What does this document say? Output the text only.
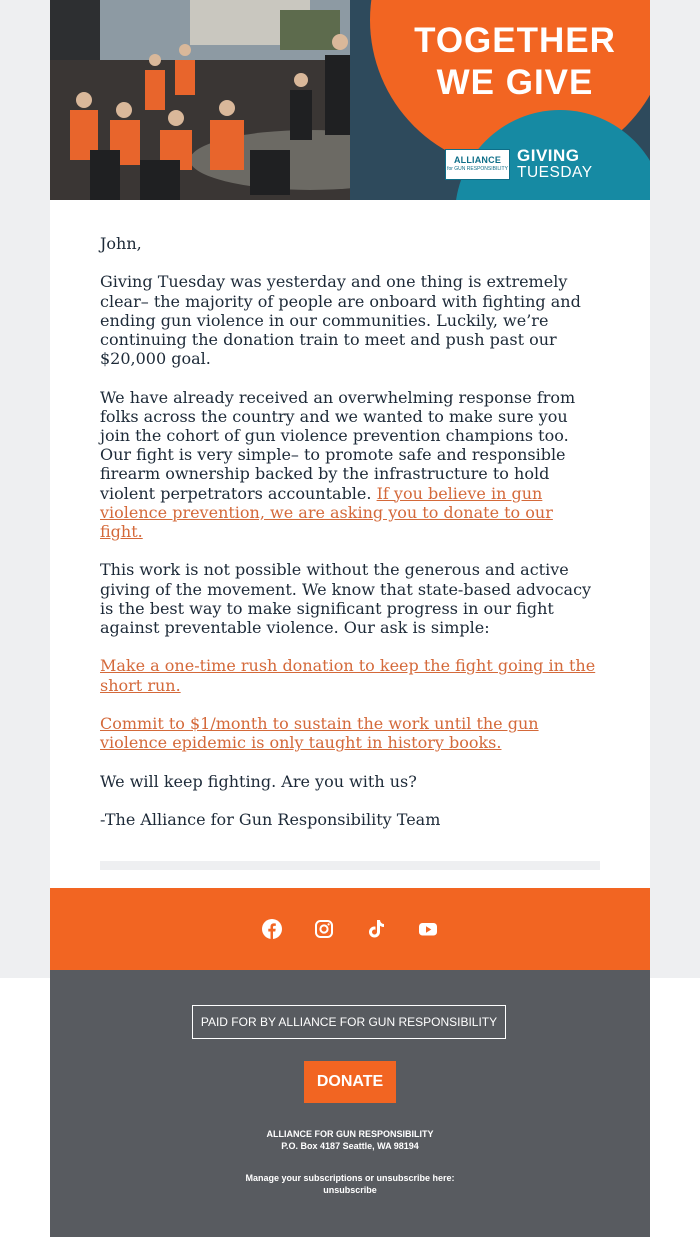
TOGETHER
WE GIVE
ALLIANCE
for GUN RESPONSIBILITY
GIVING
TUESDAY

John,

Giving Tuesday was yesterday and one thing is extremely clear– the majority of people are onboard with fighting and ending gun violence in our communities. Luckily, we’re continuing the donation train to meet and push past our $20,000 goal.

We have already received an overwhelming response from folks across the country and we wanted to make sure you join the cohort of gun violence prevention champions too. Our fight is very simple– to promote safe and responsible firearm ownership backed by the infrastructure to hold violent perpetrators accountable. If you believe in gun violence prevention, we are asking you to donate to our fight.

This work is not possible without the generous and active giving of the movement. We know that state-based advocacy is the best way to make significant progress in our fight against preventable violence. Our ask is simple:

Make a one-time rush donation to keep the fight going in the short run.

Commit to $1/month to sustain the work until the gun violence epidemic is only taught in history books.

We will keep fighting. Are you with us?

-The Alliance for Gun Responsibility Team

PAID FOR BY ALLIANCE FOR GUN RESPONSIBILITY
DONATE
ALLIANCE FOR GUN RESPONSIBILITY
P.O. Box 4187 Seattle, WA 98194
Manage your subscriptions or unsubscribe here:
unsubscribe
